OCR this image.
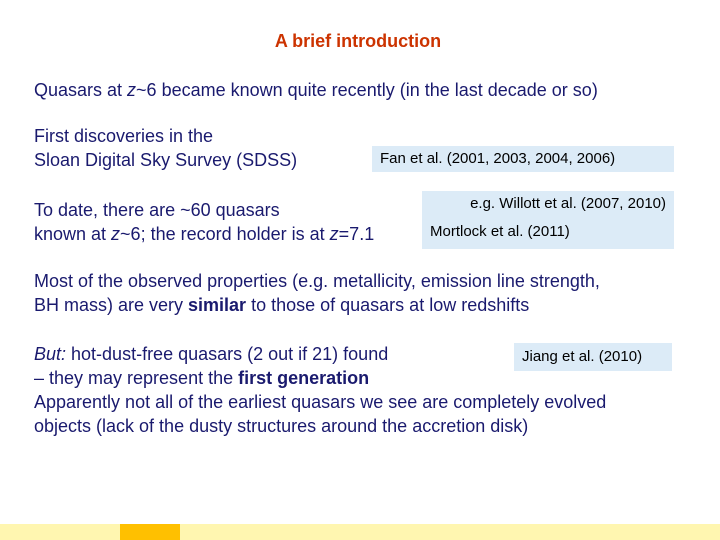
A brief introduction
Quasars at z~6 became known quite recently (in the last decade or so)
First discoveries in the
Sloan Digital Sky Survey (SDSS)	Fan et al. (2001, 2003, 2004, 2006)
To date, there are ~60 quasars
known at z~6; the record holder is at z=7.1
e.g. Willott et al. (2007, 2010)
Mortlock et al. (2011)
Most of the observed properties (e.g. metallicity, emission line strength,
BH mass) are very similar to those of quasars at low redshifts
But: hot-dust-free quasars (2 out if 21) found
– they may represent the first generation
Apparently not all of the earliest quasars we see are completely evolved
objects (lack of the dusty structures around the accretion disk)
Jiang et al. (2010)
